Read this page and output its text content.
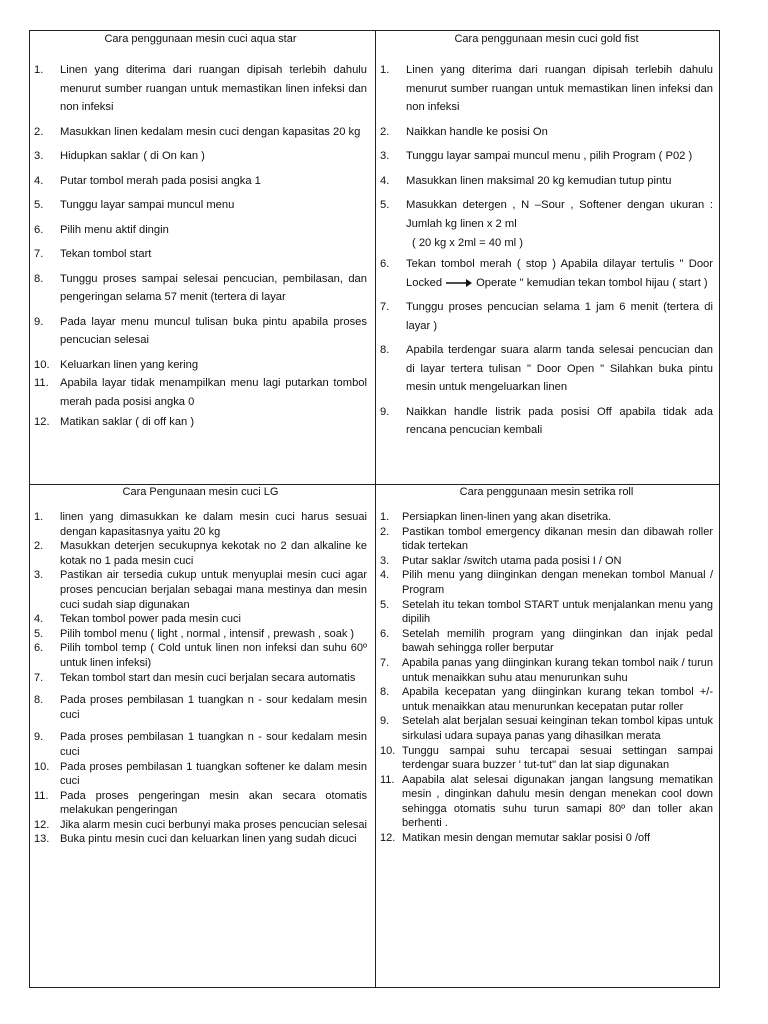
Cara penggunaan mesin cuci aqua star
1.	Linen yang diterima dari ruangan dipisah terlebih dahulu menurut sumber ruangan untuk memastikan linen infeksi dan non infeksi
2.	Masukkan linen kedalam mesin cuci dengan kapasitas 20 kg
3.	Hidupkan saklar ( di On kan )
4.	Putar tombol merah pada posisi angka 1
5.	Tunggu layar sampai muncul menu
6.	Pilih menu aktif dingin
7.	Tekan tombol start
8.	Tunggu proses sampai selesai pencucian, pembilasan, dan pengeringan selama 57 menit (tertera di layar
9.	Pada layar menu muncul tulisan buka pintu apabila proses pencucian selesai
10. Keluarkan linen yang kering
11.	Apabila layar tidak menampilkan menu lagi putarkan tombol merah pada posisi angka 0
12. Matikan saklar ( di off kan )
Cara penggunaan mesin cuci gold fist
1.	Linen yang diterima dari ruangan dipisah terlebih dahulu menurut sumber ruangan untuk memastikan linen infeksi dan non infeksi
2.	Naikkan handle ke posisi On
3.	Tunggu layar sampai muncul menu , pilih Program ( P02 )
4.	Masukkan linen maksimal 20 kg kemudian tutup pintu
5.	Masukkan detergen , N –Sour , Softener dengan ukuran : Jumlah kg linen x 2 ml
( 20 kg x 2ml = 40 ml )
6.	Tekan tombol merah ( stop ) Apabila dilayar tertulis " Door Locked	Operate " kemudian tekan tombol hijau ( start )
7.	Tunggu proses pencucian selama 1 jam 6 menit (tertera di layar )
8.	Apabila terdengar suara alarm tanda selesai pencucian dan di layar tertera tulisan " Door Open " Silahkan buka pintu mesin untuk mengeluarkan linen
9.	Naikkan handle listrik pada posisi Off apabila tidak ada rencana pencucian kembali
Cara Pengunaan mesin cuci LG
1.	linen yang dimasukkan ke dalam mesin cuci harus sesuai dengan kapasitasnya yaitu 20 kg
2.	Masukkan deterjen secukupnya kekotak no 2 dan alkaline ke kotak no 1 pada mesin cuci
3.	Pastikan air tersedia cukup untuk menyuplai mesin cuci agar proses pencucian berjalan sebagai mana mestinya dan mesin cuci sudah siap digunakan
4.	Tekan tombol power pada mesin cuci
5.	Pilih tombol menu ( light , normal , intensif , prewash , soak )
6.	Pilih tombol temp ( Cold untuk linen non infeksi dan suhu 60º untuk linen infeksi)
7.	Tekan tombol start dan mesin cuci berjalan secara automatis
8.	Pada proses pembilasan 1 tuangkan n - sour kedalam mesin cuci
9.	Pada proses pembilasan 1 tuangkan n - sour kedalam mesin cuci
10. Pada proses pembilasan 1 tuangkan softener ke dalam mesin cuci
11.	Pada proses pengeringan mesin akan secara otomatis melakukan pengeringan
12. Jika alarm mesin cuci berbunyi maka proses pencucian selesai
13. Buka pintu mesin cuci dan keluarkan linen yang sudah dicuci
Cara penggunaan mesin setrika roll
1.	Persiapkan linen-linen yang akan disetrika.
2.	Pastikan tombol emergency dikanan mesin dan dibawah roller tidak tertekan
3.	Putar saklar /switch utama pada posisi I / ON
4.	Pilih menu yang diinginkan dengan menekan tombol Manual / Program
5.	Setelah itu tekan tombol START untuk menjalankan menu yang dipilih
6.	Setelah memilih program yang diinginkan dan injak pedal bawah sehingga roller berputar
7.	Apabila panas yang diinginkan kurang tekan tombol naik / turun untuk menaikkan suhu atau menurunkan suhu
8.	Apabila kecepatan yang diinginkan kurang tekan tombol +/- untuk menaikkan atau menurunkan kecepatan putar roller
9.	Setelah alat berjalan sesuai keinginan tekan tombol kipas untuk sirkulasi udara supaya panas yang dihasilkan merata
10. Tunggu sampai suhu tercapai sesuai settingan sampai terdengar suara buzzer ' tut-tut" dan lat siap digunakan
11. Aapabila alat selesai digunakan jangan langsung mematikan mesin , dinginkan dahulu mesin dengan menekan cool down sehingga otomatis suhu turun samapi 80º dan toller akan berhenti .
12. Matikan mesin dengan memutar saklar posisi 0 /off
